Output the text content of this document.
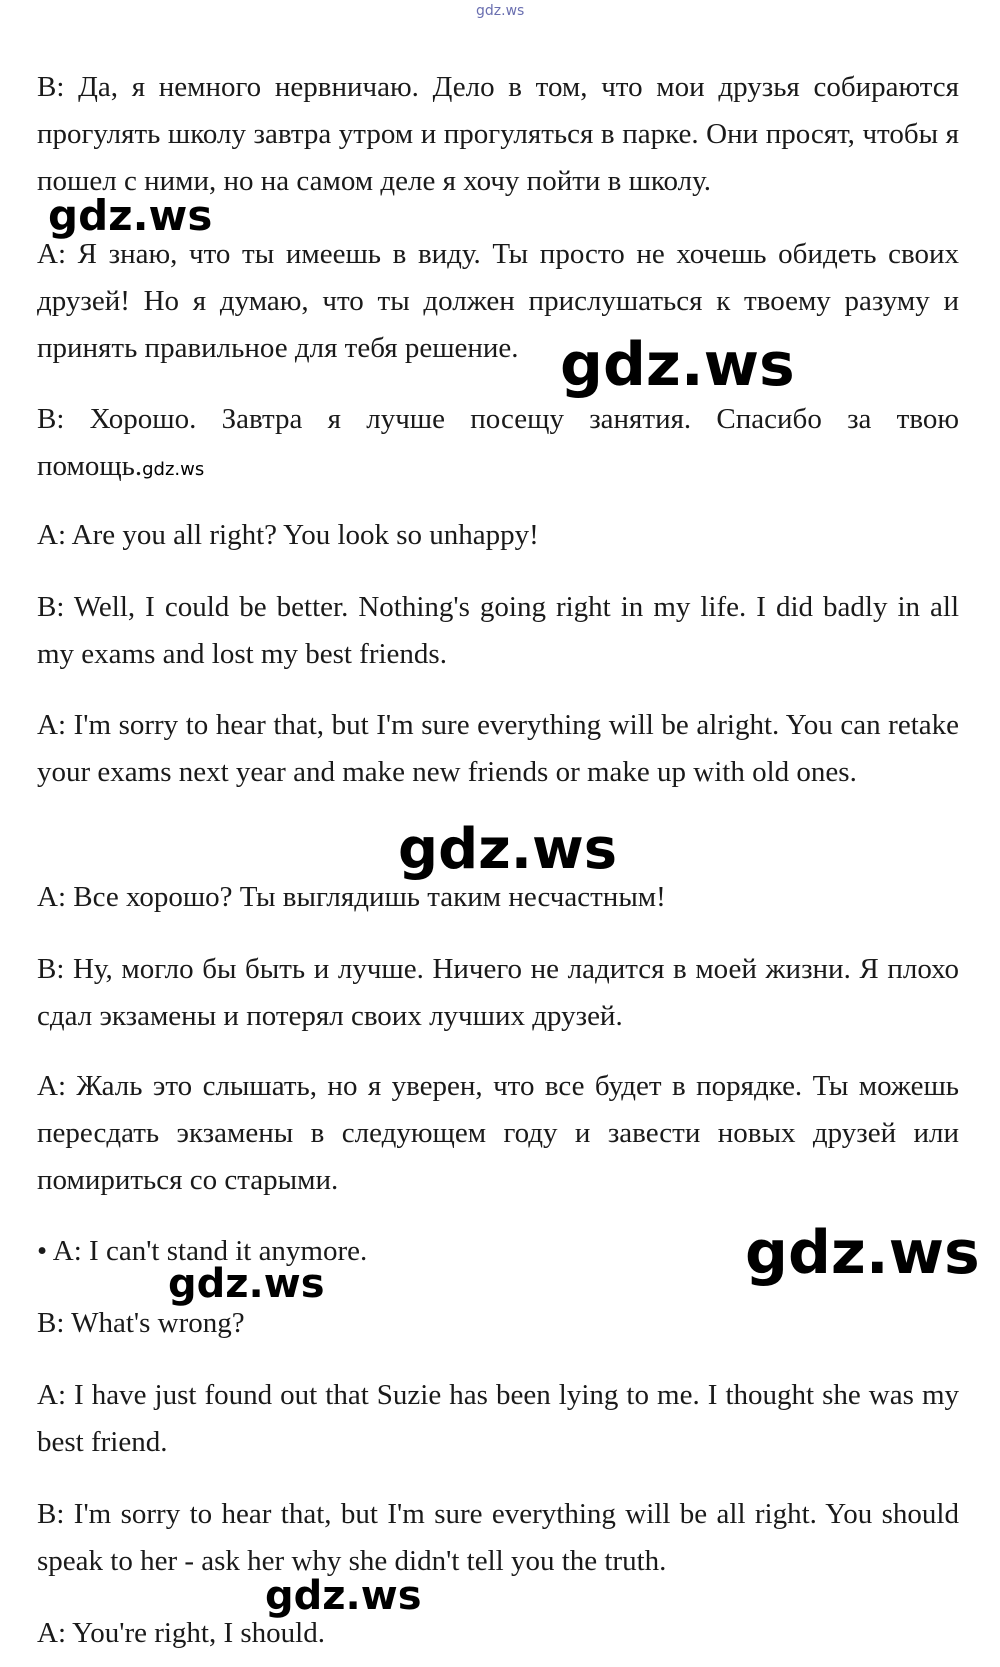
gdz.ws

B: Да, я немного нервничаю. Дело в том, что мои друзья собираются прогулять школу завтра утром и прогуляться в парке. Они просят, чтобы я пошел с ними, но на самом деле я хочу пойти в школу.

gdz.ws

A: Я знаю, что ты имеешь в виду. Ты просто не хочешь обидеть своих друзей! Но я думаю, что ты должен прислушаться к твоему разуму и принять правильное для тебя решение. gdz.ws

B: Хорошо. Завтра я лучше посещу занятия. Спасибо за твою помощь.gdz.ws

A: Are you all right? You look so unhappy!

B: Well, I could be better. Nothing's going right in my life. I did badly in all my exams and lost my best friends.

A: I'm sorry to hear that, but I'm sure everything will be alright. You can retake your exams next year and make new friends or make up with old ones.

gdz.ws

A: Все хорошо? Ты выглядишь таким несчастным!

B: Ну, могло бы быть и лучше. Ничего не ладится в моей жизни. Я плохо сдал экзамены и потерял своих лучших друзей.

A: Жаль это слышать, но я уверен, что все будет в порядке. Ты можешь пересдать экзамены в следующем году и завести новых друзей или помириться со старыми.

• A: I can't stand it anymore.	gdz.ws
gdz.ws

B: What's wrong?

A: I have just found out that Suzie has been lying to me. I thought she was my best friend.

B: I'm sorry to hear that, but I'm sure everything will be all right. You should speak to her - ask her why she didn't tell you the truth.

gdz.ws

A: You're right, I should.
